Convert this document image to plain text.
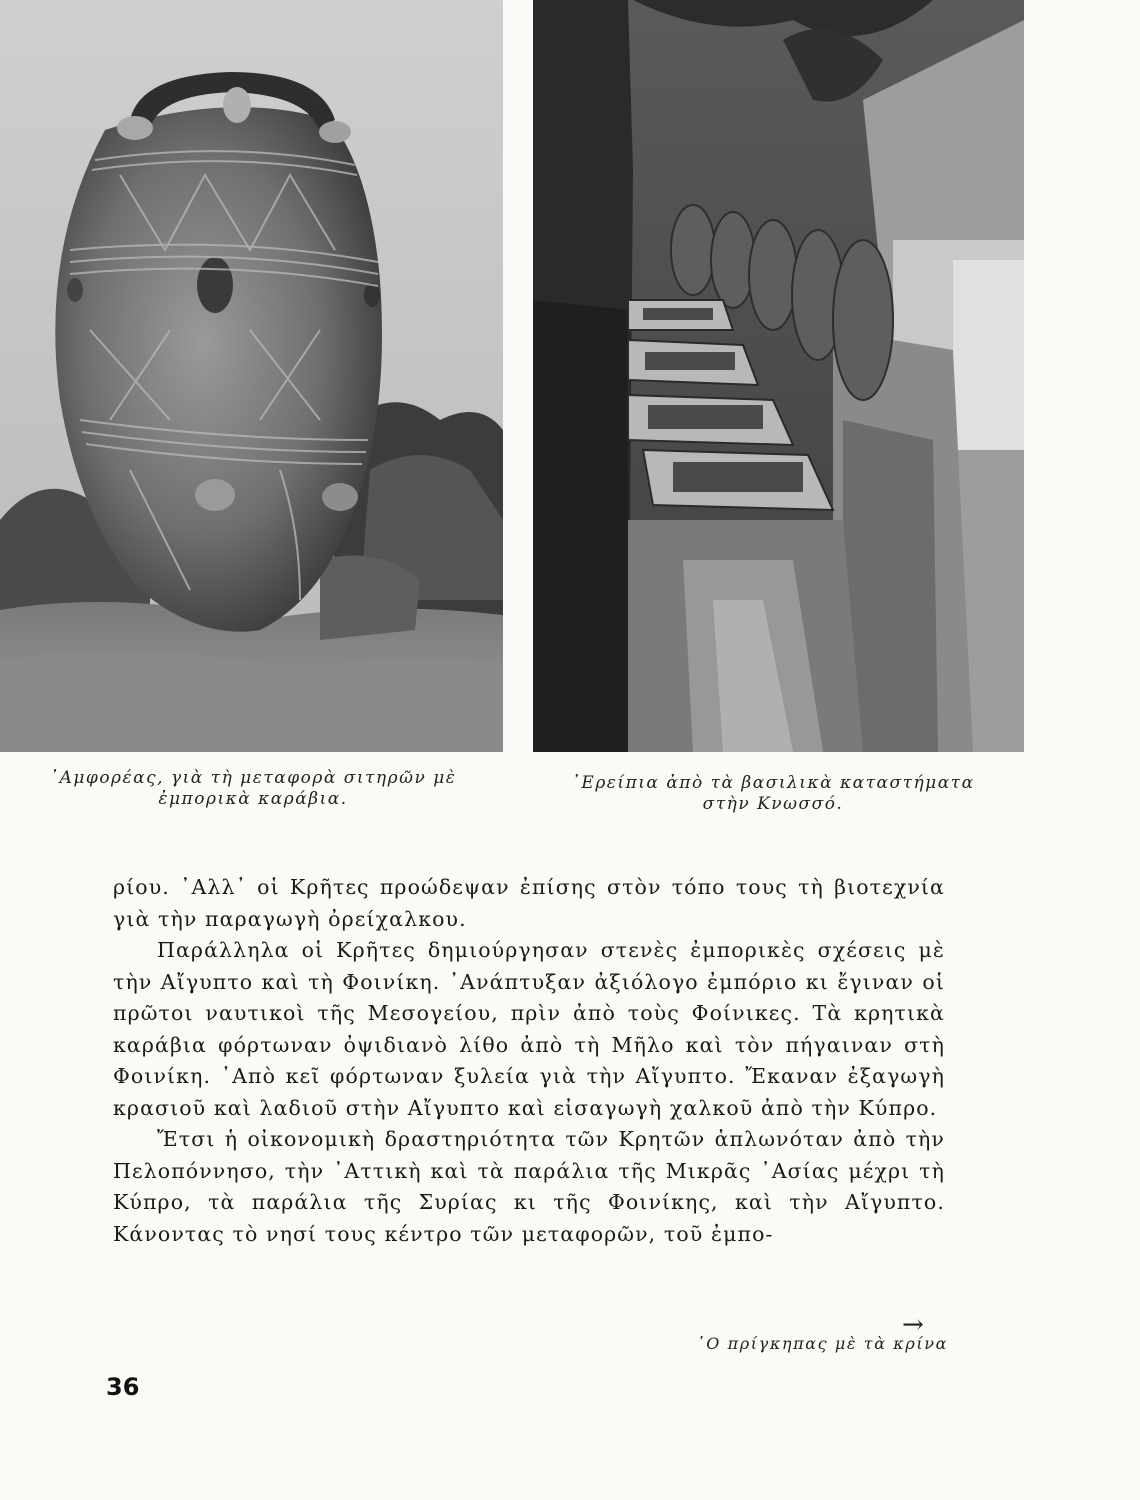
᾿Αμφορέας, γιὰ τὴ μεταφορὰ σιτηρῶν μὲ
ἐμπορικὰ καράβια.
᾿Ερείπια ἀπὸ τὰ βασιλικὰ καταστήματα
στὴν Κνωσσό.

ρίου. ᾿Αλλ᾿ οἱ Κρῆτες προώδεψαν ἐπίσης στὸν τόπο τους τὴ βιοτεχνία γιὰ τὴν παραγωγὴ ὀρείχαλκου.

Παράλληλα οἱ Κρῆτες δημιούργησαν στενὲς ἐμπορικὲς σχέσεις μὲ τὴν Αἴγυπτο καὶ τὴ Φοινίκη. ᾿Ανάπτυξαν ἀξιόλογο ἐμπόριο κι ἔγιναν οἱ πρῶτοι ναυτικοὶ τῆς Μεσογείου, πρὶν ἀπὸ τοὺς Φοίνικες. Τὰ κρητικὰ καράβια φόρτωναν ὀψιδιανὸ λίθο ἀπὸ τὴ Μῆλο καὶ τὸν πήγαιναν στὴ Φοινίκη. ᾿Απὸ κεῖ φόρτωναν ξυλεία γιὰ τὴν Αἴγυπτο. Ἔκαναν ἐξαγωγὴ κρασιοῦ καὶ λαδιοῦ στὴν Αἴγυπτο καὶ εἰσαγωγὴ χαλκοῦ ἀπὸ τὴν Κύπρο.

Ἔτσι ἡ οἰκονομικὴ δραστηριότητα τῶν Κρητῶν ἁπλωνόταν ἀπὸ τὴν Πελοπόννησο, τὴν ᾿Αττικὴ καὶ τὰ παράλια τῆς Μικρᾶς ᾿Ασίας μέχρι τὴ Κύπρο, τὰ παράλια τῆς Συρίας κι τῆς Φοινίκης, καὶ τὴν Αἴγυπτο. Κάνοντας τὸ νησί τους κέντρο τῶν μεταφορῶν, τοῦ ἐμπο-

→
῾Ο πρίγκηπας μὲ τὰ κρίνα
36
